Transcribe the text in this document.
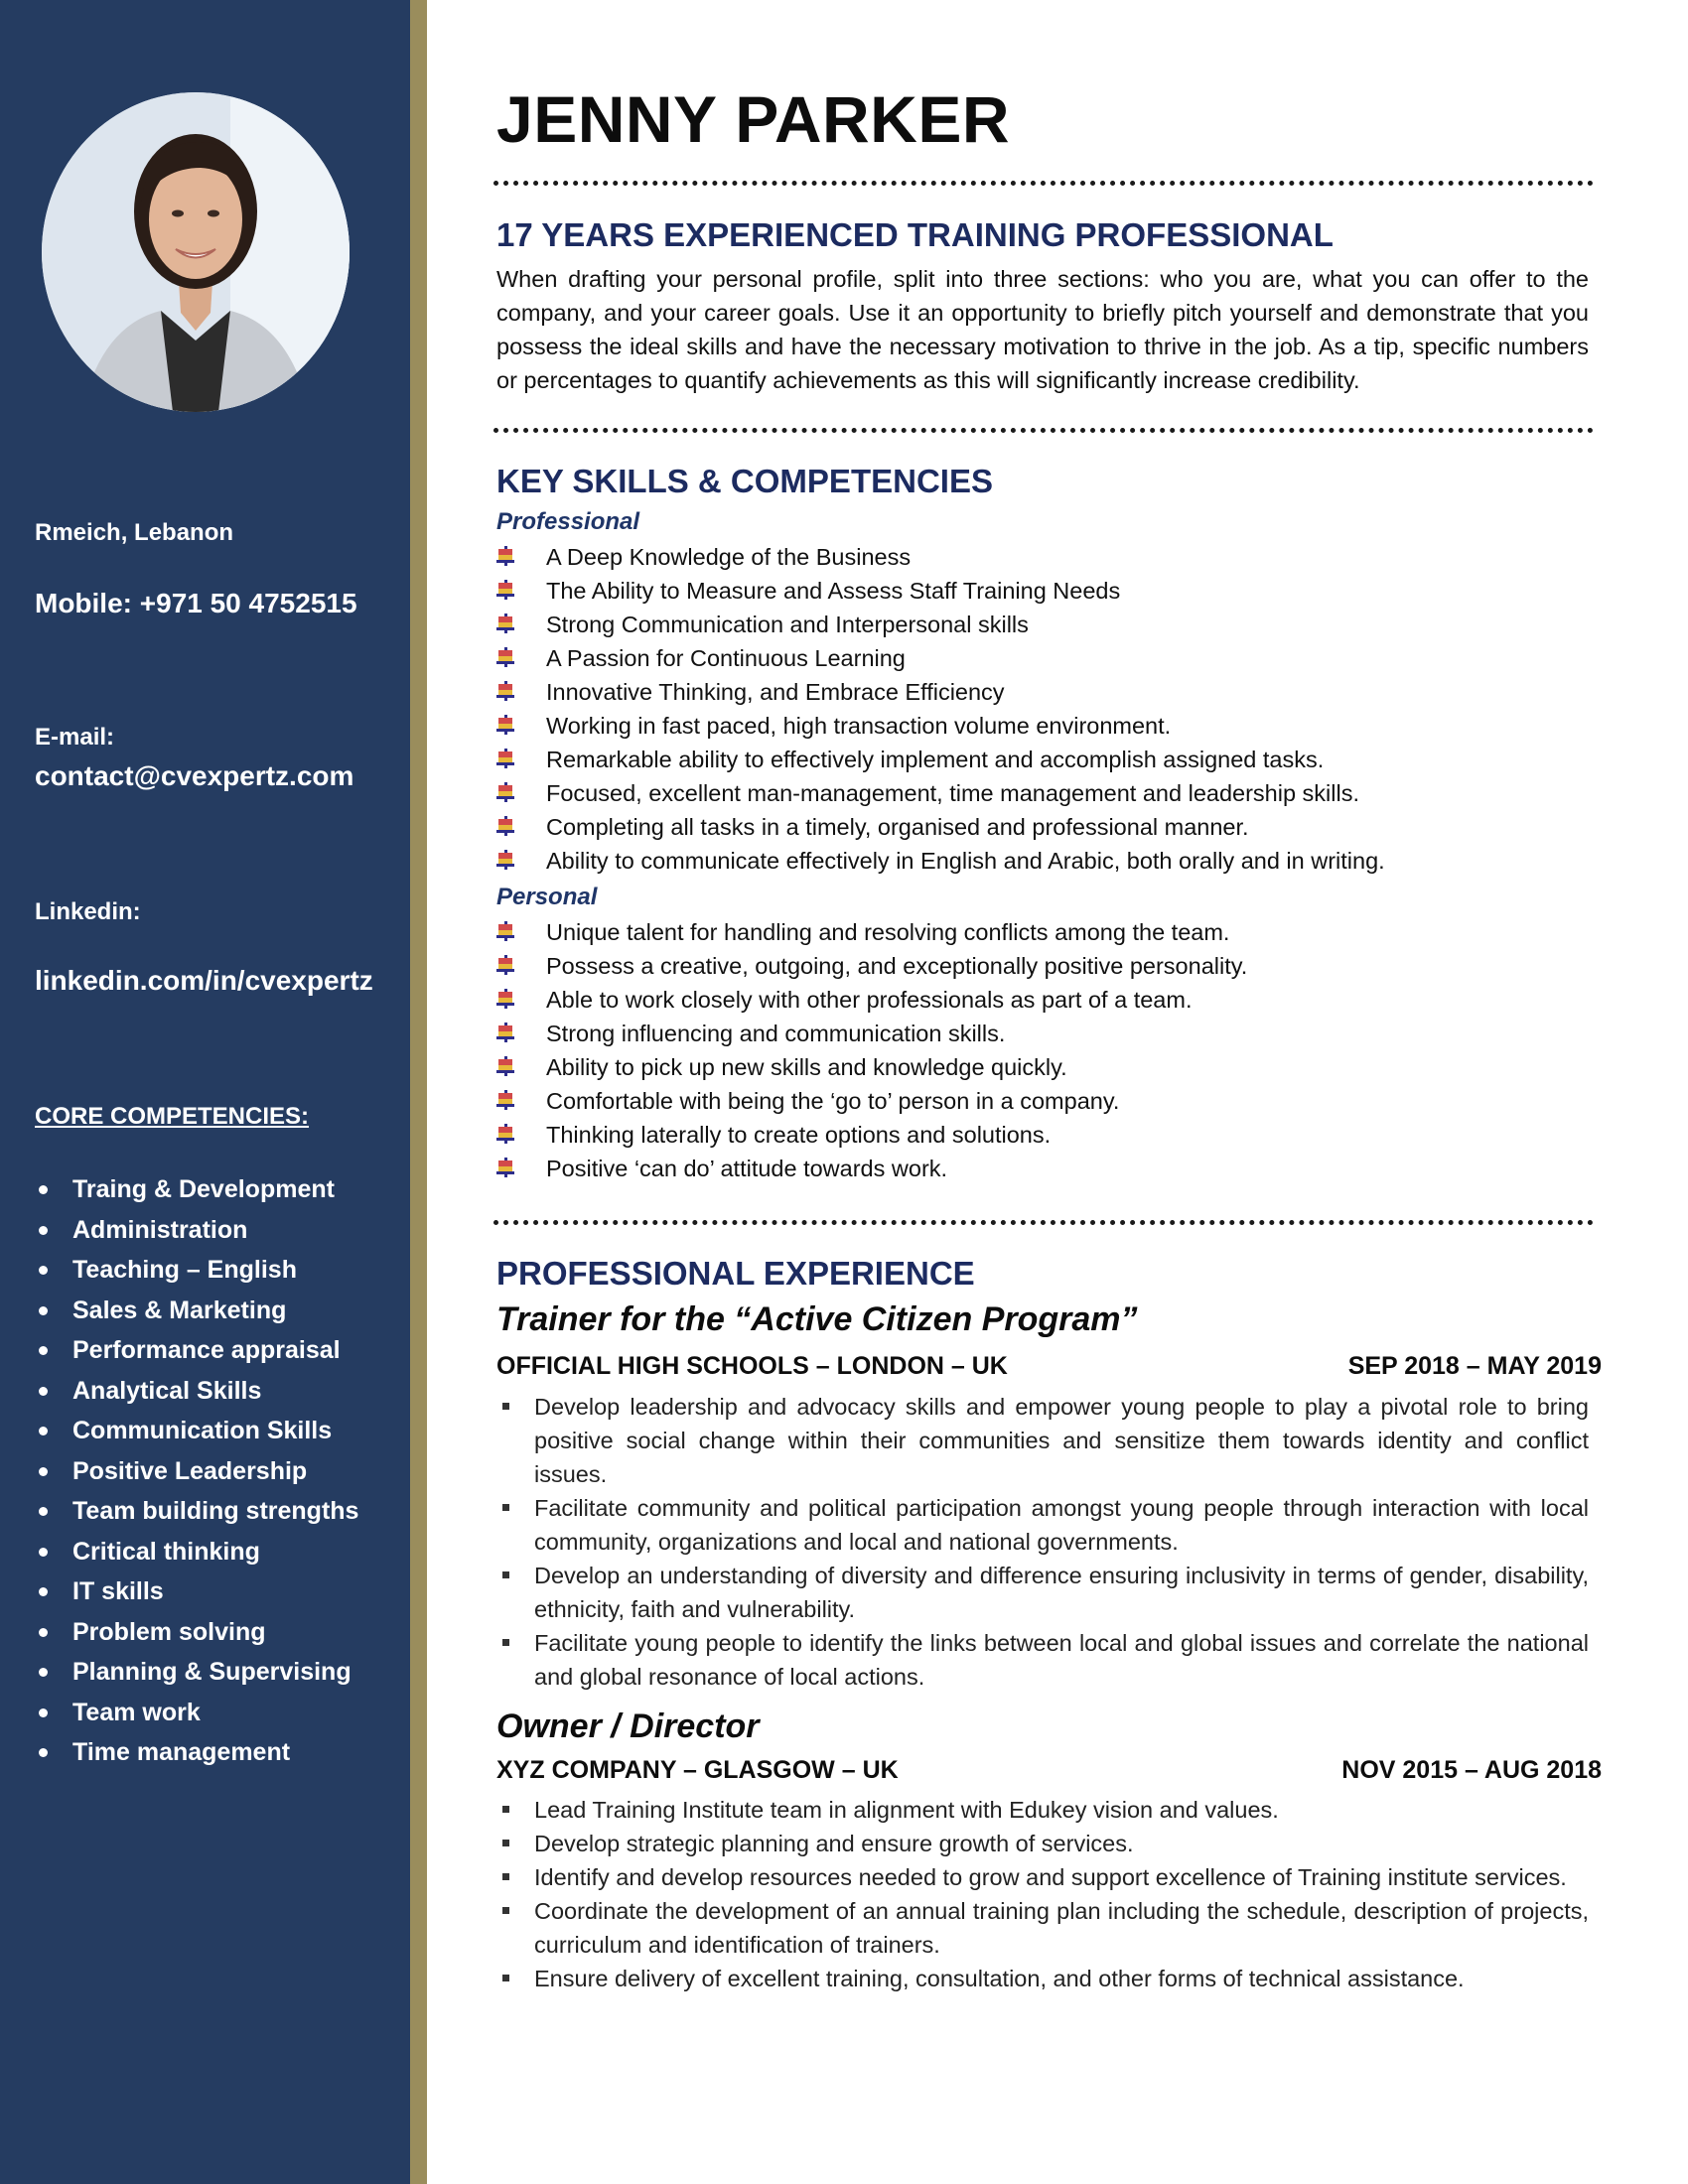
Rmeich, Lebanon
Mobile: +971 50 4752515
E-mail:
contact@cvexpertz.com
Linkedin:
linkedin.com/in/cvexpertz
CORE COMPETENCIES:
Traing & Development
Administration
Teaching – English
Sales & Marketing
Performance appraisal
Analytical Skills
Communication Skills
Positive Leadership
Team building strengths
Critical thinking
IT skills
Problem solving
Planning & Supervising
Team work
Time management
JENNY PARKER
17 YEARS EXPERIENCED TRAINING PROFESSIONAL
When drafting your personal profile, split into three sections: who you are, what you can offer to the company, and your career goals. Use it an opportunity to briefly pitch yourself and demonstrate that you possess the ideal skills and have the necessary motivation to thrive in the job. As a tip, specific numbers or percentages to quantify achievements as this will significantly increase credibility.
KEY SKILLS & COMPETENCIES
Professional
A Deep Knowledge of the Business
The Ability to Measure and Assess Staff Training Needs
Strong Communication and Interpersonal skills
A Passion for Continuous Learning
Innovative Thinking, and Embrace Efficiency
Working in fast paced, high transaction volume environment.
Remarkable ability to effectively implement and accomplish assigned tasks.
Focused, excellent man-management, time management and leadership skills.
Completing all tasks in a timely, organised and professional manner.
Ability to communicate effectively in English and Arabic, both orally and in writing.
Personal
Unique talent for handling and resolving conflicts among the team.
Possess a creative, outgoing, and exceptionally positive personality.
Able to work closely with other professionals as part of a team.
Strong influencing and communication skills.
Ability to pick up new skills and knowledge quickly.
Comfortable with being the ‘go to’ person in a company.
Thinking laterally to create options and solutions.
Positive ‘can do’ attitude towards work.
PROFESSIONAL EXPERIENCE
Trainer for the “Active Citizen Program”
OFFICIAL HIGH SCHOOLS – LONDON – UK	SEP 2018 – MAY 2019
Develop leadership and advocacy skills and empower young people to play a pivotal role to bring positive social change within their communities and sensitize them towards identity and conflict issues.
Facilitate community and political participation amongst young people through interaction with local community, organizations and local and national governments.
Develop an understanding of diversity and difference ensuring inclusivity in terms of gender, disability, ethnicity, faith and vulnerability.
Facilitate young people to identify the links between local and global issues and correlate the national and global resonance of local actions.
Owner / Director
XYZ COMPANY – GLASGOW – UK	NOV 2015 – AUG 2018
Lead Training Institute team in alignment with Edukey vision and values.
Develop strategic planning and ensure growth of services.
Identify and develop resources needed to grow and support excellence of Training institute services.
Coordinate the development of an annual training plan including the schedule, description of projects, curriculum and identification of trainers.
Ensure delivery of excellent training, consultation, and other forms of technical assistance.
